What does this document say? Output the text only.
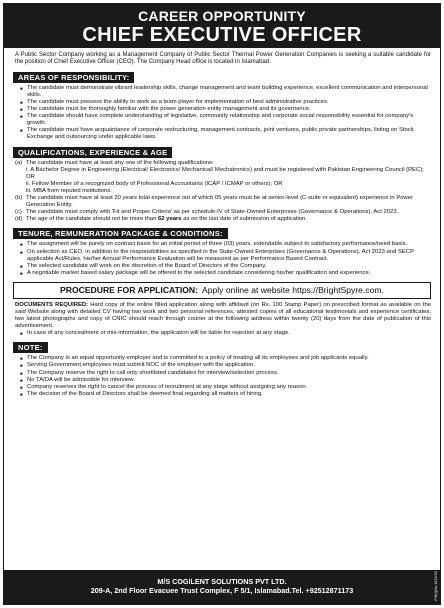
CAREER OPPORTUNITY
CHIEF EXECUTIVE OFFICER

A Public Sector Company working as a Management Company of Public Sector Thermal Power Generation Companies is seeking a suitable candidate for the position of Chief Executive Officer (CEO). The Company Head office is located in Islamabad.

AREAS OF RESPONSIBILITY:
■ The candidate must demonstrate vibrant leadership skills, change management and team building experience, excellent communication and interpersonal skills.
■ The candidate must possess the ability to work as a team player for implementation of best administrative practices.
■ The candidate must be thoroughly familiar with the power generation entity management and its governance.
■ The candidate should have complete understanding of legislative, community relationship and corporate social responsibility essential for company's growth.
■ The candidate must have acquaintance of corporate restructuring, management contracts, joint ventures, public private partnerships, listing on Stock Exchange and outsourcing under applicable laws.
QUALIFICATIONS, EXPERIENCE & AGE
(a) The candidate must have at least any one of the following qualifications:
i. A Bachelor Degree in Engineering (Electrical/ Electronics/ Mechanical/ Mechatronics) and must be registered with Pakistan Engineering Council (PEC); OR
ii. Fellow Member of a recognized body of Professional Accountants (ICAP / ICMAP or others); OR
iii. MBA from reputed institutions.
(b) The candidate must have at least 20 years total experience out of which 05 years must be at senior-level (C-suite or equivalent) experience in Power Generation Entity.
(c) The candidate must comply with 'Fit and Proper Criteria' as per schedule-IV of State-Owned Enterprises (Governance & Operations), Act 2023.
(d) The age of the candidate should not be more than 62 years as on the last date of submission of application.
TENURE, REMUNERATION PACKAGE & CONDITIONS:
■ The assignment will be purely on contract basis for an initial period of three (03) years, extendable subject to satisfactory performance/need basis.
■ On selection as CEO, in addition to the responsibilities as specified in the State-Owned Enterprises (Governance & Operations), Act 2023 and SECP applicable Act/Rules, his/her Annual Performance Evaluation will be measured as per Performance Based Contract.
■ The selected candidate will work on the discretion of the Board of Directors of the Company.
■ A negotiable market based salary package will be offered to the selected candidate considering his/her qualification and experience.
PROCEDURE FOR APPLICATION: Apply online at website https://BrightSpyre.com.

DOCUMENTS REQUIRED: Hard copy of the online filled application along with affidavit (on Rs. 100 Stamp Paper) on prescribed format as available on the said Website along with detailed CV having two work and two personal references, attested copies of all educational testimonials and experience certificates, two latest photographs and copy of CNIC should reach through courier at the following address within twenty (20) days from the date of publication of this advertisement.

■ In case of any concealment or mis-information, the application will be liable for rejection at any stage.
NOTE:
■ The Company is an equal opportunity employer and is committed to a policy of treating all its employees and job applicants equally.
■ Serving Government employees must submit NOC of the employer with the application.
■ The Company reserve the right to call only shortlisted candidates for interview/selection process.
■ No TA/DA will be admissible for interview.
■ Company reserves the right to cancel the process of recruitment at any stage without assigning any reason.
■ The decision of the Board of Directors shall be deemed final regarding all matters of hiring.
M/S COGILENT SOLUTIONS PVT LTD.
209-A, 2nd Floor Evacuee Trust Complex, F 5/1, Islamabad.Tel. +92512871173	PID(I)No.1033/23
